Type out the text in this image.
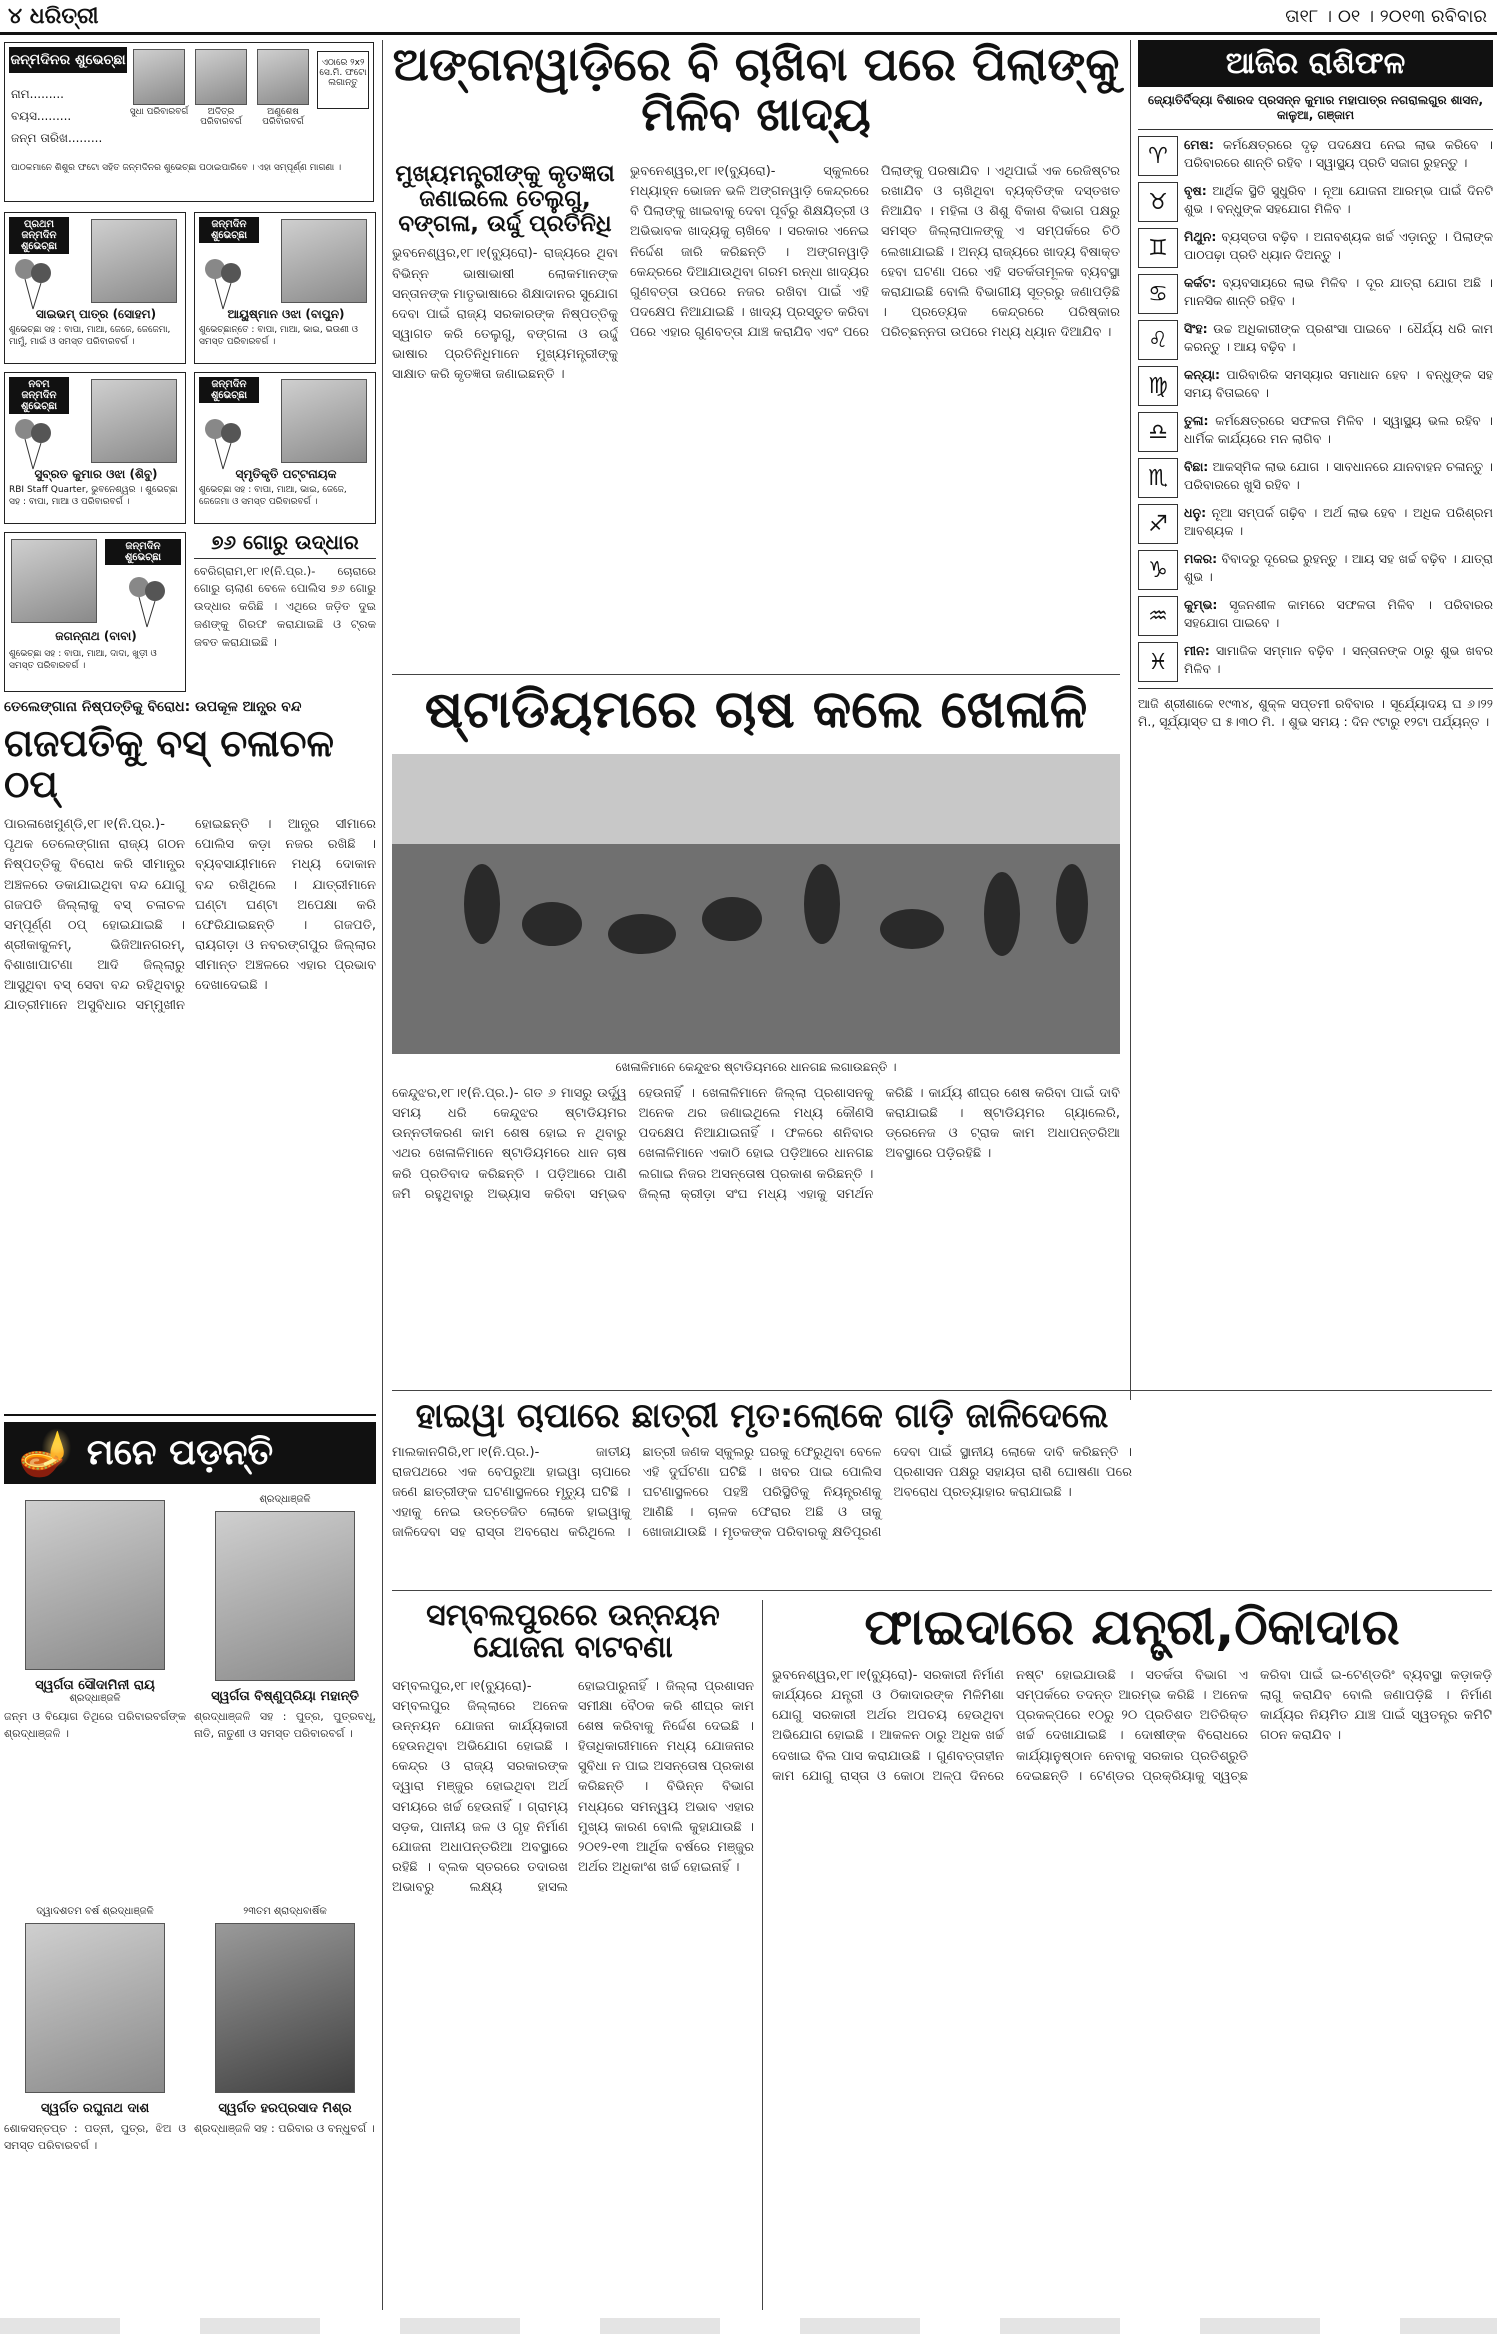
୪ ଧରିତ୍ରୀ	ତା୧୮ । ୦୧ । ୨୦୧୩ ରବିବାର
ଜନ୍ମଦିନର ଶୁଭେଚ୍ଛା
ନାମ.........
ବୟସ.........
ଜନ୍ମ ତାରିଖ.........
ସୁଧା ପରିବାରବର୍ଗ	ଅଦିତ୍ର ପରିବାରବର୍ଗ
ଅଣୁଶେଷ ପରିବାରବର୍ଗ
ଏଠାରେ ୨x୨ ସେ.ମି. ଫଟୋ ଲଗାନ୍ତୁ
ପାଠକମାନେ ଶିଶୁର ଫଟୋ ସହିତ ଜନ୍ମଦିନର ଶୁଭେଚ୍ଛା ପଠାଇପାରିବେ । ଏହା ସମ୍ପୂର୍ଣ୍ଣ ମାଗଣା ।
ପ୍ରଥମ ଜନ୍ମଦିନ ଶୁଭେଚ୍ଛା
ସାଇଭମ୍ ପାତ୍ର (ସୋହମ)
ଶୁଭେଚ୍ଛା ସହ : ବାପା, ମାଆ, ଜେଜେ, ଜେଜେମା, ମାମୁଁ, ମାଇଁ ଓ ସମସ୍ତ ପରିବାରବର୍ଗ ।
ଜନ୍ମଦିନ ଶୁଭେଚ୍ଛା
ଆୟୁଷ୍ମାନ ଓଝା (ବାପୁନ)
ଶୁଭେଚ୍ଛାନ୍ତେ : ବାପା, ମାଆ, ଭାଇ, ଭଉଣୀ ଓ ସମସ୍ତ ପରିବାରବର୍ଗ ।
ନବମ ଜନ୍ମଦିନ ଶୁଭେଚ୍ଛା
ସୁବ୍ରତ କୁମାର ଓଝା (ଶିବୁ)
RBI Staff Quarter, ଭୁବନେଶ୍ୱର । ଶୁଭେଚ୍ଛା ସହ : ବାପା, ମାଆ ଓ ପରିବାରବର୍ଗ ।
ଜନ୍ମଦିନ ଶୁଭେଚ୍ଛା
ସ୍ମୃତିକୃତି ପଟ୍ଟନାୟକ
ଶୁଭେଚ୍ଛା ସହ : ବାପା, ମାଆ, ଭାଇ, ଜେଜେ, ଜେଜେମା ଓ ସମସ୍ତ ପରିବାରବର୍ଗ ।
ଜନ୍ମଦିନ ଶୁଭେଚ୍ଛା
ଜଗନ୍ନାଥ (ବାବା)
ଶୁଭେଚ୍ଛା ସହ : ବାପା, ମାଆ, ଦାଦା, ଖୁଡ଼ୀ ଓ ସମସ୍ତ ପରିବାରବର୍ଗ ।
୭୬ ଗୋରୁ ଉଦ୍ଧାର
ବେରିଗ୍ରାମ,୧୮।୧(ନି.ପ୍ର.)- ଚୋରାରେ ଗୋରୁ ଚାଲାଣ ବେଳେ ପୋଲିସ ୭୬ ଗୋରୁ ଉଦ୍ଧାର କରିଛି । ଏଥିରେ ଜଡ଼ିତ ଦୁଇ ଜଣଙ୍କୁ ଗିରଫ କରାଯାଇଛି ଓ ଟ୍ରକ ଜବତ କରାଯାଇଛି ।
ତେଲେଙ୍ଗାନା ନିଷ୍ପତ୍ତିକୁ ବିରୋଧ: ଉପକୂଳ ଆନ୍ଧ୍ର ବନ୍ଦ
ଗଜପତିକୁ ବସ୍ ଚଳାଚଳ ଠପ୍
ପାରଳାଖେମୁଣ୍ଡି,୧୮।୧(ନି.ପ୍ର.)- ପୃଥକ ତେଲେଙ୍ଗାନା ରାଜ୍ୟ ଗଠନ ନିଷ୍ପତ୍ତିକୁ ବିରୋଧ କରି ସୀମାନ୍ଧ୍ର ଅଞ୍ଚଳରେ ଡକାଯାଇଥିବା ବନ୍ଦ ଯୋଗୁ ଗଜପତି ଜିଲ୍ଲାକୁ ବସ୍ ଚଳାଚଳ ସମ୍ପୂର୍ଣ୍ଣ ଠପ୍ ହୋଇଯାଇଛି । ଶ୍ରୀକାକୁଳମ୍, ଭିଜିଆନଗରମ୍, ବିଶାଖାପାଟଣା ଆଦି ଜିଲ୍ଲାରୁ ଆସୁଥିବା ବସ୍ ସେବା ବନ୍ଦ ରହିଥିବାରୁ ଯାତ୍ରୀମାନେ ଅସୁବିଧାର ସମ୍ମୁଖୀନ ହୋଇଛନ୍ତି । ଆନ୍ଧ୍ର ସୀମାରେ ପୋଲିସ କଡ଼ା ନଜର ରଖିଛି । ବ୍ୟବସାୟୀମାନେ ମଧ୍ୟ ଦୋକାନ ବନ୍ଦ ରଖିଥିଲେ । ଯାତ୍ରୀମାନେ ଘଣ୍ଟା ଘଣ୍ଟା ଅପେକ୍ଷା କରି ଫେରିଯାଇଛନ୍ତି । ଗଜପତି, ରାୟଗଡ଼ା ଓ ନବରଙ୍ଗପୁର ଜିଲ୍ଲାର ସୀମାନ୍ତ ଅଞ୍ଚଳରେ ଏହାର ପ୍ରଭାବ ଦେଖାଦେଇଛି ।
🪔 ମନେ ପଡ଼ନ୍ତି
ସ୍ୱର୍ଗତା ସୌଦାମିନୀ ରାୟ
ଶ୍ରଦ୍ଧାଞ୍ଜଳି
ଜନ୍ମ ଓ ବିୟୋଗ ତିଥିରେ ପରିବାରବର୍ଗଙ୍କ ଶ୍ରଦ୍ଧାଞ୍ଜଳି ।
ଶ୍ରଦ୍ଧାଞ୍ଜଳି
ସ୍ୱର୍ଗତା ବିଷ୍ଣୁପ୍ରିୟା ମହାନ୍ତି
ଶ୍ରଦ୍ଧାଞ୍ଜଳି ସହ : ପୁତ୍ର, ପୁତ୍ରବଧୂ, ନାତି, ନାତୁଣୀ ଓ ସମସ୍ତ ପରିବାରବର୍ଗ ।
ଦ୍ୱାଦଶତମ ବର୍ଷ ଶ୍ରଦ୍ଧାଞ୍ଜଳି
ସ୍ୱର୍ଗତ ରଘୁନାଥ ଦାଶ
ଶୋକସନ୍ତପ୍ତ : ପତ୍ନୀ, ପୁତ୍ର, ଝିଅ ଓ ସମସ୍ତ ପରିବାରବର୍ଗ ।
୨୩ତମ ଶ୍ରାଦ୍ଧବାର୍ଷିକ
ସ୍ୱର୍ଗତ ହରପ୍ରସାଦ ମିଶ୍ର
ଶ୍ରଦ୍ଧାଞ୍ଜଳି ସହ : ପରିବାର ଓ ବନ୍ଧୁବର୍ଗ ।
ଅଙ୍ଗନୱାଡ଼ିରେ ବି ଚାଖିବା ପରେ ପିଲାଙ୍କୁ ମିଳିବ ଖାଦ୍ୟ
ଭୁବନେଶ୍ୱର,୧୮।୧(ବ୍ୟୁରୋ)- ସ୍କୁଲରେ ମଧ୍ୟାହ୍ନ ଭୋଜନ ଭଳି ଅଙ୍ଗନୱାଡ଼ି କେନ୍ଦ୍ରରେ ବି ପିଲାଙ୍କୁ ଖାଇବାକୁ ଦେବା ପୂର୍ବରୁ ଶିକ୍ଷୟିତ୍ରୀ ଓ ଅଭିଭାବକ ଖାଦ୍ୟକୁ ଚାଖିବେ । ସରକାର ଏନେଇ ନିର୍ଦ୍ଦେଶ ଜାରି କରିଛନ୍ତି । ଅଙ୍ଗନୱାଡ଼ି କେନ୍ଦ୍ରରେ ଦିଆଯାଉଥିବା ଗରମ ରନ୍ଧା ଖାଦ୍ୟର ଗୁଣବତ୍ତା ଉପରେ ନଜର ରଖିବା ପାଇଁ ଏହି ପଦକ୍ଷେପ ନିଆଯାଇଛି । ଖାଦ୍ୟ ପ୍ରସ୍ତୁତ କରିବା ପରେ ଏହାର ଗୁଣବତ୍ତା ଯାଞ୍ଚ କରାଯିବ ଏବଂ ପରେ ପିଲାଙ୍କୁ ପରଷାଯିବ । ଏଥିପାଇଁ ଏକ ରେଜିଷ୍ଟର ରଖାଯିବ ଓ ଚାଖିଥିବା ବ୍ୟକ୍ତିଙ୍କ ଦସ୍ତଖତ ନିଆଯିବ । ମହିଳା ଓ ଶିଶୁ ବିକାଶ ବିଭାଗ ପକ୍ଷରୁ ସମସ୍ତ ଜିଲ୍ଲାପାଳଙ୍କୁ ଏ ସମ୍ପର୍କରେ ଚିଠି ଲେଖାଯାଇଛି । ଅନ୍ୟ ରାଜ୍ୟରେ ଖାଦ୍ୟ ବିଷାକ୍ତ ହେବା ଘଟଣା ପରେ ଏହି ସତର୍କତାମୂଳକ ବ୍ୟବସ୍ଥା କରାଯାଇଛି ବୋଲି ବିଭାଗୀୟ ସୂତ୍ରରୁ ଜଣାପଡ଼ିଛି । ପ୍ରତ୍ୟେକ କେନ୍ଦ୍ରରେ ପରିଷ୍କାର ପରିଚ୍ଛନ୍ନତା ଉପରେ ମଧ୍ୟ ଧ୍ୟାନ ଦିଆଯିବ ।
ମୁଖ୍ୟମନ୍ତ୍ରୀଙ୍କୁ କୃତଜ୍ଞତା ଜଣାଇଲେ ତେଲୁଗୁ, ବଙ୍ଗଳା, ଉର୍ଦ୍ଦୁ ପ୍ରତିନିଧି
ଭୁବନେଶ୍ୱର,୧୮।୧(ବ୍ୟୁରୋ)- ରାଜ୍ୟରେ ଥିବା ବିଭିନ୍ନ ଭାଷାଭାଷୀ ଲୋକମାନଙ୍କ ସନ୍ତାନଙ୍କ ମାତୃଭାଷାରେ ଶିକ୍ଷାଦାନର ସୁଯୋଗ ଦେବା ପାଇଁ ରାଜ୍ୟ ସରକାରଙ୍କ ନିଷ୍ପତ୍ତିକୁ ସ୍ୱାଗତ କରି ତେଲୁଗୁ, ବଙ୍ଗଳା ଓ ଉର୍ଦ୍ଦୁ ଭାଷାର ପ୍ରତିନିଧିମାନେ ମୁଖ୍ୟମନ୍ତ୍ରୀଙ୍କୁ ସାକ୍ଷାତ କରି କୃତଜ୍ଞତା ଜଣାଇଛନ୍ତି ।
ଷ୍ଟାଡିୟମରେ ଚାଷ କଲେ ଖେଳାଳି
ଖେଳାଳିମାନେ କେନ୍ଦୁଝର ଷ୍ଟାଡିୟମରେ ଧାନଗଛ ଲଗାଉଛନ୍ତି ।
କେନ୍ଦୁଝର,୧୮।୧(ନି.ପ୍ର.)- ଗତ ୬ ମାସରୁ ଉର୍ଦ୍ଧ୍ୱ ସମୟ ଧରି କେନ୍ଦୁଝର ଷ୍ଟାଡିୟମର ଉନ୍ନତୀକରଣ କାମ ଶେଷ ହୋଇ ନ ଥିବାରୁ ଏଥର ଖେଳାଳିମାନେ ଷ୍ଟାଡିୟମରେ ଧାନ ଚାଷ କରି ପ୍ରତିବାଦ କରିଛନ୍ତି । ପଡ଼ିଆରେ ପାଣି ଜମି ରହୁଥିବାରୁ ଅଭ୍ୟାସ କରିବା ସମ୍ଭବ ହେଉନାହିଁ । ଖେଳାଳିମାନେ ଜିଲ୍ଲା ପ୍ରଶାସନକୁ ଅନେକ ଥର ଜଣାଇଥିଲେ ମଧ୍ୟ କୌଣସି ପଦକ୍ଷେପ ନିଆଯାଇନାହିଁ । ଫଳରେ ଶନିବାର ଖେଳାଳିମାନେ ଏକାଠି ହୋଇ ପଡ଼ିଆରେ ଧାନଗଛ ଲଗାଇ ନିଜର ଅସନ୍ତୋଷ ପ୍ରକାଶ କରିଛନ୍ତି । ଜିଲ୍ଲା କ୍ରୀଡ଼ା ସଂଘ ମଧ୍ୟ ଏହାକୁ ସମର୍ଥନ କରିଛି । କାର୍ଯ୍ୟ ଶୀଘ୍ର ଶେଷ କରିବା ପାଇଁ ଦାବି କରାଯାଇଛି । ଷ୍ଟାଡିୟମର ଗ୍ୟାଲେରି, ଡ୍ରେନେଜ ଓ ଟ୍ରାକ କାମ ଅଧାପନ୍ତରିଆ ଅବସ୍ଥାରେ ପଡ଼ିରହିଛି ।
ହାଇୱା ଚାପାରେ ଛାତ୍ରୀ ମୃତ:ଲୋକେ ଗାଡ଼ି ଜାଳିଦେଲେ
ମାଲକାନଗିରି,୧୮।୧(ନି.ପ୍ର.)- ଜାତୀୟ ରାଜପଥରେ ଏକ ବେପରୁଆ ହାଇୱା ଚାପାରେ ଜଣେ ଛାତ୍ରୀଙ୍କ ଘଟଣାସ୍ଥଳରେ ମୃତ୍ୟୁ ଘଟିଛି । ଏହାକୁ ନେଇ ଉତ୍ତେଜିତ ଲୋକେ ହାଇୱାକୁ ଜାଳିଦେବା ସହ ରାସ୍ତା ଅବରୋଧ କରିଥିଲେ । ଛାତ୍ରୀ ଜଣକ ସ୍କୁଲରୁ ଘରକୁ ଫେରୁଥିବା ବେଳେ ଏହି ଦୁର୍ଘଟଣା ଘଟିଛି । ଖବର ପାଇ ପୋଲିସ ଘଟଣାସ୍ଥଳରେ ପହଞ୍ଚି ପରିସ୍ଥିତିକୁ ନିୟନ୍ତ୍ରଣକୁ ଆଣିଛି । ଚାଳକ ଫେରାର ଅଛି ଓ ତାକୁ ଖୋଜାଯାଉଛି । ମୃତକଙ୍କ ପରିବାରକୁ କ୍ଷତିପୂରଣ ଦେବା ପାଇଁ ସ୍ଥାନୀୟ ଲୋକେ ଦାବି କରିଛନ୍ତି । ପ୍ରଶାସନ ପକ୍ଷରୁ ସହାୟତା ରାଶି ଘୋଷଣା ପରେ ଅବରୋଧ ପ୍ରତ୍ୟାହାର କରାଯାଇଛି ।
ସମ୍ବଲପୁରରେ ଉନ୍ନୟନ ଯୋଜନା ବାଟବଣା
ସମ୍ବଲପୁର,୧୮।୧(ବ୍ୟୁରୋ)- ସମ୍ବଲପୁର ଜିଲ୍ଲାରେ ଅନେକ ଉନ୍ନୟନ ଯୋଜନା କାର୍ଯ୍ୟକାରୀ ହେଉନଥିବା ଅଭିଯୋଗ ହୋଇଛି । କେନ୍ଦ୍ର ଓ ରାଜ୍ୟ ସରକାରଙ୍କ ଦ୍ୱାରା ମଞ୍ଜୁର ହୋଇଥିବା ଅର୍ଥ ସମୟରେ ଖର୍ଚ୍ଚ ହେଉନାହିଁ । ଗ୍ରାମ୍ୟ ସଡ଼କ, ପାନୀୟ ଜଳ ଓ ଗୃହ ନିର୍ମାଣ ଯୋଜନା ଅଧାପନ୍ତରିଆ ଅବସ୍ଥାରେ ରହିଛି । ବ୍ଲକ ସ୍ତରରେ ତଦାରଖ ଅଭାବରୁ ଲକ୍ଷ୍ୟ ହାସଲ ହୋଇପାରୁନାହିଁ । ଜିଲ୍ଲା ପ୍ରଶାସନ ସମୀକ୍ଷା ବୈଠକ କରି ଶୀଘ୍ର କାମ ଶେଷ କରିବାକୁ ନିର୍ଦ୍ଦେଶ ଦେଇଛି । ହିତାଧିକାରୀମାନେ ମଧ୍ୟ ଯୋଜନାର ସୁବିଧା ନ ପାଇ ଅସନ୍ତୋଷ ପ୍ରକାଶ କରିଛନ୍ତି । ବିଭିନ୍ନ ବିଭାଗ ମଧ୍ୟରେ ସମନ୍ୱୟ ଅଭାବ ଏହାର ମୁଖ୍ୟ କାରଣ ବୋଲି କୁହାଯାଉଛି । ୨୦୧୨-୧୩ ଆର୍ଥିକ ବର୍ଷରେ ମଞ୍ଜୁର ଅର୍ଥର ଅଧିକାଂଶ ଖର୍ଚ୍ଚ ହୋଇନାହିଁ ।
ଫାଇଦାରେ ଯନ୍ତ୍ରୀ,ଠିକାଦାର
ଭୁବନେଶ୍ୱର,୧୮।୧(ବ୍ୟୁରୋ)- ସରକାରୀ ନିର୍ମାଣ କାର୍ଯ୍ୟରେ ଯନ୍ତ୍ରୀ ଓ ଠିକାଦାରଙ୍କ ମିଳିମିଶା ଯୋଗୁ ସରକାରୀ ଅର୍ଥର ଅପଚୟ ହେଉଥିବା ଅଭିଯୋଗ ହୋଇଛି । ଆକଳନ ଠାରୁ ଅଧିକ ଖର୍ଚ୍ଚ ଦେଖାଇ ବିଲ ପାସ କରାଯାଉଛି । ଗୁଣବତ୍ତାହୀନ କାମ ଯୋଗୁ ରାସ୍ତା ଓ କୋଠା ଅଳ୍ପ ଦିନରେ ନଷ୍ଟ ହୋଇଯାଉଛି । ସତର୍କତା ବିଭାଗ ଏ ସମ୍ପର୍କରେ ତଦନ୍ତ ଆରମ୍ଭ କରିଛି । ଅନେକ ପ୍ରକଳ୍ପରେ ୧୦ରୁ ୨୦ ପ୍ରତିଶତ ଅତିରିକ୍ତ ଖର୍ଚ୍ଚ ଦେଖାଯାଇଛି । ଦୋଷୀଙ୍କ ବିରୋଧରେ କାର୍ଯ୍ୟାନୁଷ୍ଠାନ ନେବାକୁ ସରକାର ପ୍ରତିଶ୍ରୁତି ଦେଇଛନ୍ତି । ଟେଣ୍ଡର ପ୍ରକ୍ରିୟାକୁ ସ୍ୱଚ୍ଛ କରିବା ପାଇଁ ଇ-ଟେଣ୍ଡରିଂ ବ୍ୟବସ୍ଥା କଡ଼ାକଡ଼ି ଲାଗୁ କରାଯିବ ବୋଲି ଜଣାପଡ଼ିଛି । ନିର୍ମାଣ କାର୍ଯ୍ୟର ନିୟମିତ ଯାଞ୍ଚ ପାଇଁ ସ୍ୱତନ୍ତ୍ର କମିଟି ଗଠନ କରାଯିବ ।
ଆଜିର ରାଶିଫଳ
ଜ୍ୟୋତିର୍ବିଦ୍ୟା ବିଶାରଦ ପ୍ରସନ୍ନ କୁମାର ମହାପାତ୍ର ନଗରାଲଗୁର ଶାସନ, କାଳୁଆ, ଗଞ୍ଜାମ
♈	ମେଷ: କର୍ମକ୍ଷେତ୍ରରେ ଦୃଢ଼ ପଦକ୍ଷେପ ନେଇ ଲାଭ କରିବେ । ପରିବାରରେ ଶାନ୍ତି ରହିବ । ସ୍ୱାସ୍ଥ୍ୟ ପ୍ରତି ସଜାଗ ରୁହନ୍ତୁ ।
♉	ବୃଷ: ଆର୍ଥିକ ସ୍ଥିତି ସୁଧୁରିବ । ନୂଆ ଯୋଜନା ଆରମ୍ଭ ପାଇଁ ଦିନଟି ଶୁଭ । ବନ୍ଧୁଙ୍କ ସହଯୋଗ ମିଳିବ ।
♊	ମିଥୁନ: ବ୍ୟସ୍ତତା ବଢ଼ିବ । ଅନାବଶ୍ୟକ ଖର୍ଚ୍ଚ ଏଡ଼ାନ୍ତୁ । ପିଲାଙ୍କ ପାଠପଢ଼ା ପ୍ରତି ଧ୍ୟାନ ଦିଅନ୍ତୁ ।
♋	କର୍କଟ: ବ୍ୟବସାୟରେ ଲାଭ ମିଳିବ । ଦୂର ଯାତ୍ରା ଯୋଗ ଅଛି । ମାନସିକ ଶାନ୍ତି ରହିବ ।
♌	ସିଂହ: ଉଚ୍ଚ ଅଧିକାରୀଙ୍କ ପ୍ରଶଂସା ପାଇବେ । ଧୈର୍ଯ୍ୟ ଧରି କାମ କରନ୍ତୁ । ଆୟ ବଢ଼ିବ ।
♍	କନ୍ୟା: ପାରିବାରିକ ସମସ୍ୟାର ସମାଧାନ ହେବ । ବନ୍ଧୁଙ୍କ ସହ ସମୟ ବିତାଇବେ ।
♎	ତୁଳା: କର୍ମକ୍ଷେତ୍ରରେ ସଫଳତା ମିଳିବ । ସ୍ୱାସ୍ଥ୍ୟ ଭଲ ରହିବ । ଧାର୍ମିକ କାର୍ଯ୍ୟରେ ମନ ଲାଗିବ ।
♏	ବିଛା: ଆକସ୍ମିକ ଲାଭ ଯୋଗ । ସାବଧାନରେ ଯାନବାହନ ଚଳାନ୍ତୁ । ପରିବାରରେ ଖୁସି ରହିବ ।
♐	ଧନୁ: ନୂଆ ସମ୍ପର୍କ ଗଢ଼ିବ । ଅର୍ଥ ଲାଭ ହେବ । ଅଧିକ ପରିଶ୍ରମ ଆବଶ୍ୟକ ।
♑	ମକର: ବିବାଦରୁ ଦୂରେଇ ରୁହନ୍ତୁ । ଆୟ ସହ ଖର୍ଚ୍ଚ ବଢ଼ିବ । ଯାତ୍ରା ଶୁଭ ।
♒	କୁମ୍ଭ: ସୃଜନଶୀଳ କାମରେ ସଫଳତା ମିଳିବ । ପରିବାରର ସହଯୋଗ ପାଇବେ ।
♓	ମୀନ: ସାମାଜିକ ସମ୍ମାନ ବଢ଼ିବ । ସନ୍ତାନଙ୍କ ଠାରୁ ଶୁଭ ଖବର ମିଳିବ ।
ଆଜି ଶ୍ରୀଶାକେ ୧୯୩୪, ଶୁକ୍ଳ ସପ୍ତମୀ ରବିବାର । ସୂର୍ଯ୍ୟୋଦୟ ଘ ୬।୨୨ ମି., ସୂର୍ଯ୍ୟାସ୍ତ ଘ ୫।୩୦ ମି. । ଶୁଭ ସମୟ : ଦିନ ୯ଟାରୁ ୧୨ଟା ପର୍ଯ୍ୟନ୍ତ ।
